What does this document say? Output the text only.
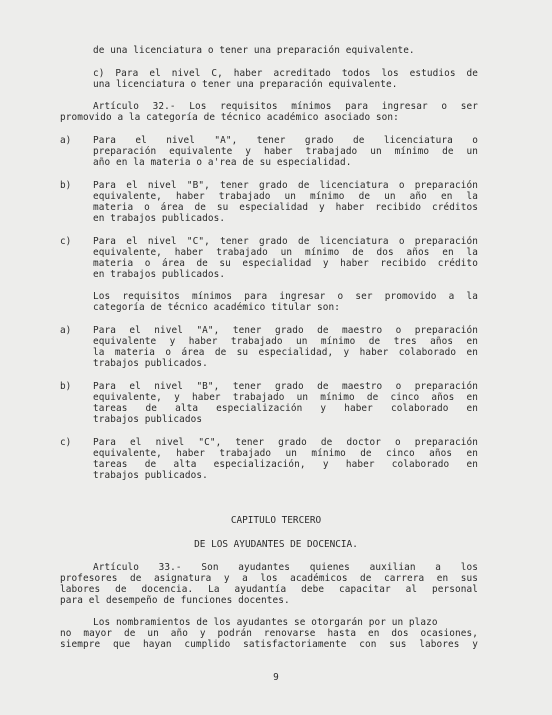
de una licenciatura o tener una preparación equivalente.
c) Para el nivel C, haber acreditado todos los estudios de
una licenciatura o tener una preparación equivalente.
Artículo 32.- Los requisitos mínimos para ingresar o ser
promovido a la categoría de técnico académico asociado son:
a) Para el nivel "A", tener grado de licenciatura o
preparación equivalente y haber trabajado un mínimo de un
año en la materia o a'rea de su especialidad.
b) Para el nivel "B", tener grado de licenciatura o preparación
equivalente, haber trabajado un mínimo de un año en la
materia o área de su especialidad y haber recibido créditos
en trabajos publicados.
c) Para el nivel "C", tener grado de licenciatura o preparación
equivalente, haber trabajado un mínimo de dos años en la
materia o área de su especialidad y haber recibido crédito
en trabajos publicados.
Los requisitos mínimos para ingresar o ser promovido a la
categoría de técnico académico titular son:
a) Para el nivel "A", tener grado de maestro o preparación
equivalente y haber trabajado un mínimo de tres años en
la materia o área de su especialidad, y haber colaborado en
trabajos publicados.
b) Para el nivel "B", tener grado de maestro o preparación
equivalente, y haber trabajado un mínimo de cinco años en
tareas de alta especialización y haber colaborado en
trabajos publicados
c) Para el nivel "C", tener grado de doctor o preparación
equivalente, haber trabajado un mínimo de cinco años en
tareas de alta especialización, y haber colaborado en
trabajos publicados.
CAPITULO TERCERO
DE LOS AYUDANTES DE DOCENCIA.
Artículo 33.- Son ayudantes quienes auxilian a los
profesores de asignatura y a los académicos de carrera en sus
labores de docencia. La ayudantía debe capacitar al personal
para el desempeño de funciones docentes.
Los nombramientos de los ayudantes se otorgarán por un plazo
no mayor de un año y podrán renovarse hasta en dos ocasiones,
siempre que hayan cumplido satisfactoriamente con sus labores y
9
